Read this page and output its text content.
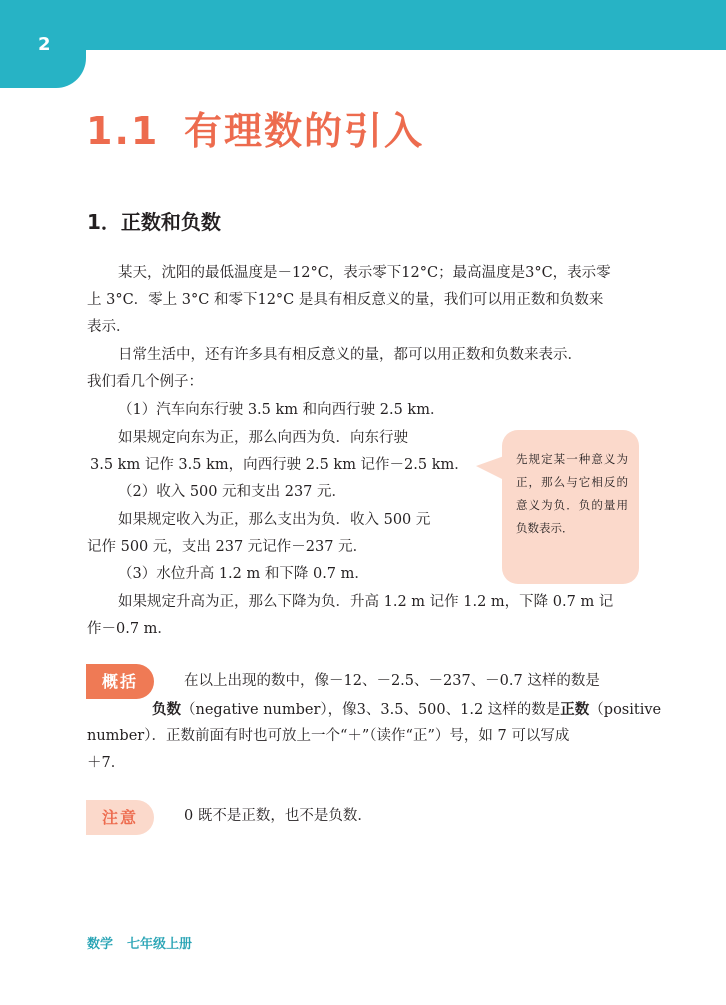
2
1.1 有理数的引入
1．正数和负数
某天，沈阳的最低温度是－12°C，表示零下12°C；最高温度是3°C，表示零
上 3°C．零上 3°C 和零下12°C 是具有相反意义的量，我们可以用正数和负数来
表示．
日常生活中，还有许多具有相反意义的量，都可以用正数和负数来表示．
我们看几个例子：
（1）汽车向东行驶 3.5 km 和向西行驶 2.5 km．
如果规定向东为正，那么向西为负．向东行驶
3.5 km 记作 3.5 km，向西行驶 2.5 km 记作－2.5 km．
（2）收入 500 元和支出 237 元．
如果规定收入为正，那么支出为负．收入 500 元
记作 500 元，支出 237 元记作－237 元．
（3）水位升高 1.2 m 和下降 0.7 m．
如果规定升高为正，那么下降为负．升高 1.2 m 记作 1.2 m，下降 0.7 m 记
作－0.7 m．
先规定某一种意义为正，那么与它相反的意义为负．负的量用负数表示．
概括	在以上出现的数中，像－12、－2.5、－237、－0.7 这样的数是
负数（negative number），像3、3.5、500、1.2 这样的数是正数（positive
number）．正数前面有时也可放上一个“＋”（读作“正”）号，如 7 可以写成
＋7．
注意	0 既不是正数，也不是负数．
数学 七年级上册
